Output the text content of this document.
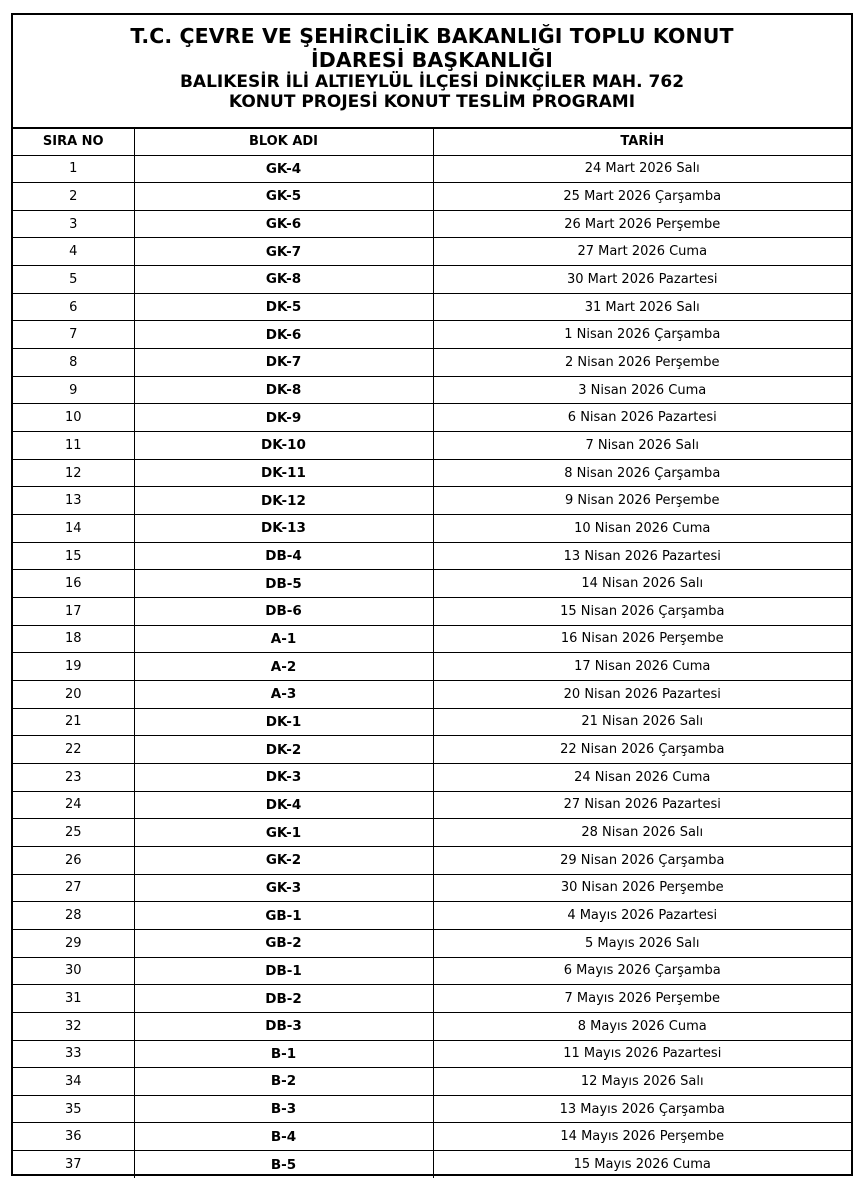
T.C. ÇEVRE VE ŞEHİRCİLİK BAKANLIĞI TOPLU KONUT
İDARESİ BAŞKANLIĞI
BALIKESİR İLİ ALTIEYLÜL İLÇESİ DİNKÇİLER MAH. 762
KONUT PROJESİ KONUT TESLİM PROGRAMI
SIRA NO	BLOK ADI	TARİH
1	GK-4	24 Mart 2026 Salı
2	GK-5	25 Mart 2026 Çarşamba
3	GK-6	26 Mart 2026 Perşembe
4	GK-7	27 Mart 2026 Cuma
5	GK-8	30 Mart 2026 Pazartesi
6	DK-5	31 Mart 2026 Salı
7	DK-6	1 Nisan 2026 Çarşamba
8	DK-7	2 Nisan 2026 Perşembe
9	DK-8	3 Nisan 2026 Cuma
10	DK-9	6 Nisan 2026 Pazartesi
11	DK-10	7 Nisan 2026 Salı
12	DK-11	8 Nisan 2026 Çarşamba
13	DK-12	9 Nisan 2026 Perşembe
14	DK-13	10 Nisan 2026 Cuma
15	DB-4	13 Nisan 2026 Pazartesi
16	DB-5	14 Nisan 2026 Salı
17	DB-6	15 Nisan 2026 Çarşamba
18	A-1	16 Nisan 2026 Perşembe
19	A-2	17 Nisan 2026 Cuma
20	A-3	20 Nisan 2026 Pazartesi
21	DK-1	21 Nisan 2026 Salı
22	DK-2	22 Nisan 2026 Çarşamba
23	DK-3	24 Nisan 2026 Cuma
24	DK-4	27 Nisan 2026 Pazartesi
25	GK-1	28 Nisan 2026 Salı
26	GK-2	29 Nisan 2026 Çarşamba
27	GK-3	30 Nisan 2026 Perşembe
28	GB-1	4 Mayıs 2026 Pazartesi
29	GB-2	5 Mayıs 2026 Salı
30	DB-1	6 Mayıs 2026 Çarşamba
31	DB-2	7 Mayıs 2026 Perşembe
32	DB-3	8 Mayıs 2026 Cuma
33	B-1	11 Mayıs 2026 Pazartesi
34	B-2	12 Mayıs 2026 Salı
35	B-3	13 Mayıs 2026 Çarşamba
36	B-4	14 Mayıs 2026 Perşembe
37	B-5	15 Mayıs 2026 Cuma
